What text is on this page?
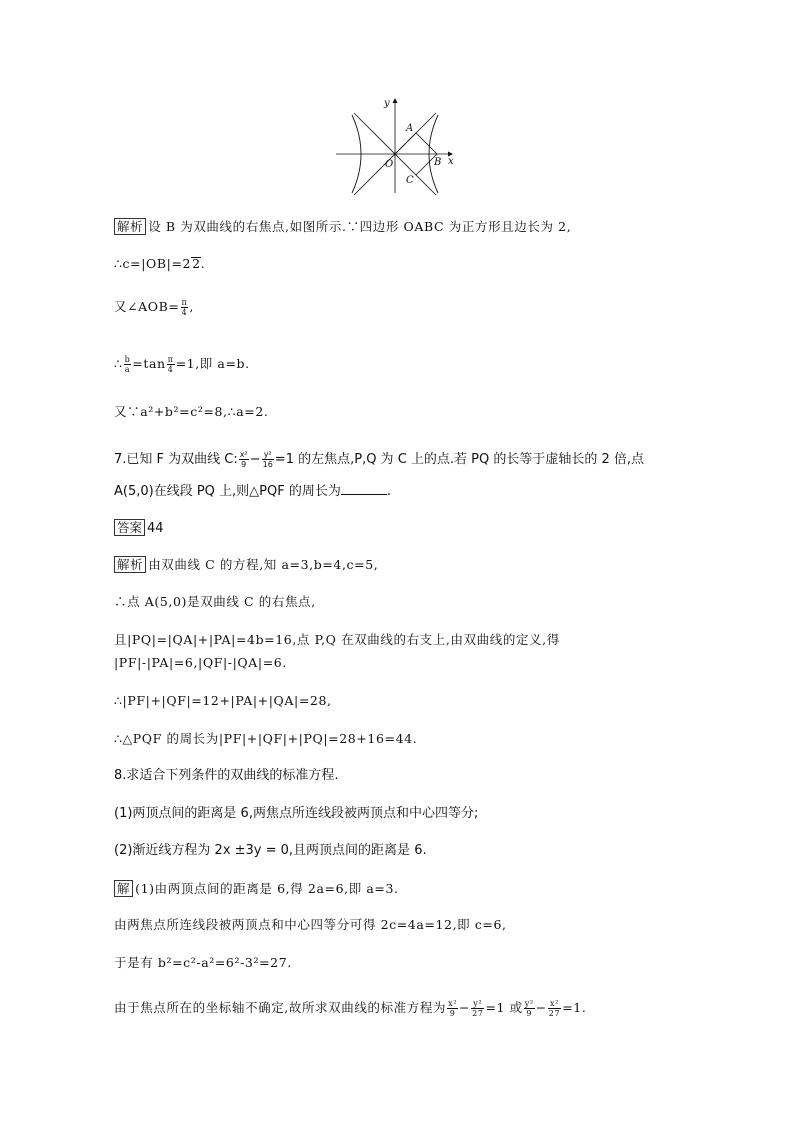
y
x
A
B
C
O
解析 设 B 为双曲线的右焦点,如图所示.∵四边形 OABC 为正方形且边长为 2,
∴c=|OB|=22.
又∠AOB= $\frac{\pi}{4}$ ,
∴ $\frac{b}{a} =\tan \frac{\pi}{4} =1$,即 a=b.
又∵a²+b²=c²=8,∴a=2.
7.已知 F 为双曲线 C: $\frac{\text{x²}}{9} - \frac{\text{y²}}{16} =1$ 的左焦点,P,Q 为 C 上的点.若 PQ 的长等于虚轴长的 2 倍,点
A(5,0)在线段 PQ 上,则△PQF 的周长为	.
答案 44
解析 由双曲线 C 的方程,知 a=3,b=4,c=5,
∴点 A(5,0)是双曲线 C 的右焦点,
且|PQ|=|QA|+|PA|=4b=16,点 P,Q 在双曲线的右支上,由双曲线的定义,得
|PF|-|PA|=6,|QF|-|QA|=6.
∴|PF|+|QF|=12+|PA|+|QA|=28,
∴△PQF 的周长为|PF|+|QF|+|PQ|=28+16=44.
8.求适合下列条件的双曲线的标准方程.
(1)两顶点间的距离是 6,两焦点所连线段被两顶点和中心四等分;
(2)渐近线方程为 2x ±3y = 0,且两顶点间的距离是 6.
解 (1)由两顶点间的距离是 6,得 2a=6,即 a=3.
由两焦点所连线段被两顶点和中心四等分可得 2c=4a=12,即 c=6,
于是有 b²=c²-a²=6²-3²=27.
由于焦点所在的坐标轴不确定,故所求双曲线的标准方程为 $\frac{\text{x²}}{9} - \frac{\text{y²}}{27} =1$ 或 $\frac{\text{y²}}{9} - \frac{\text{x²}}{27} =1$.
